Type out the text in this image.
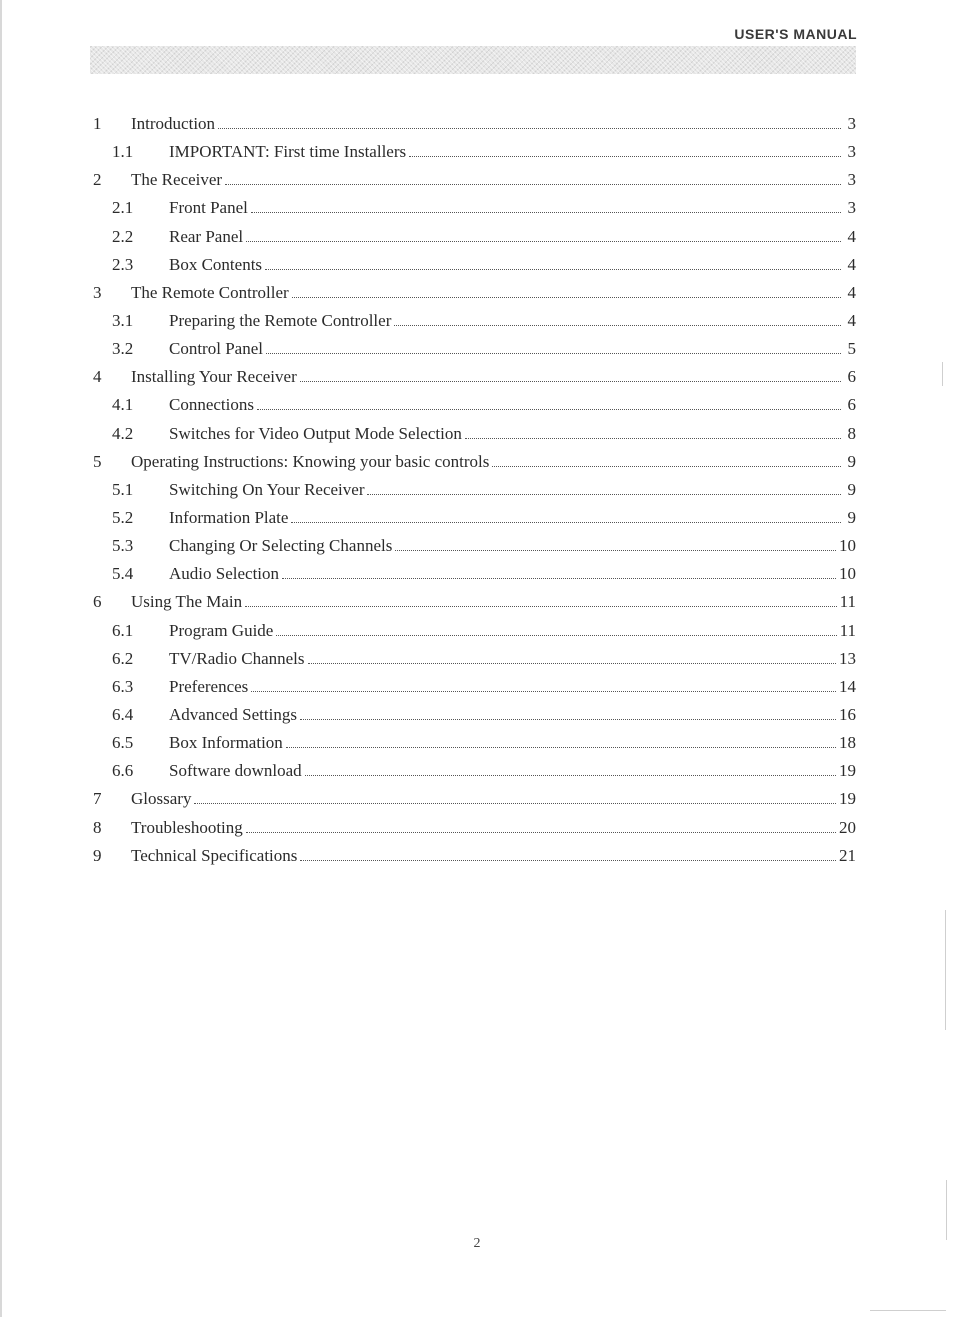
USER'S MANUAL
1	Introduction	3
1.1	IMPORTANT: First time Installers	3
2	The Receiver	3
2.1	Front Panel	3
2.2	Rear Panel	4
2.3	Box Contents	4
3	The Remote Controller	4
3.1	Preparing the Remote Controller	4
3.2	Control Panel	5
4	Installing Your Receiver	6
4.1	Connections	6
4.2	Switches for Video Output Mode Selection	8
5	Operating Instructions: Knowing your basic controls	9
5.1	Switching On Your Receiver	9
5.2	Information Plate	9
5.3	Changing Or Selecting Channels	10
5.4	Audio Selection	10
6	Using The Main	11
6.1	Program Guide	11
6.2	TV/Radio Channels	13
6.3	Preferences	14
6.4	Advanced Settings	16
6.5	Box Information	18
6.6	Software download	19
7	Glossary	19
8	Troubleshooting	20
9	Technical Specifications	21
2
